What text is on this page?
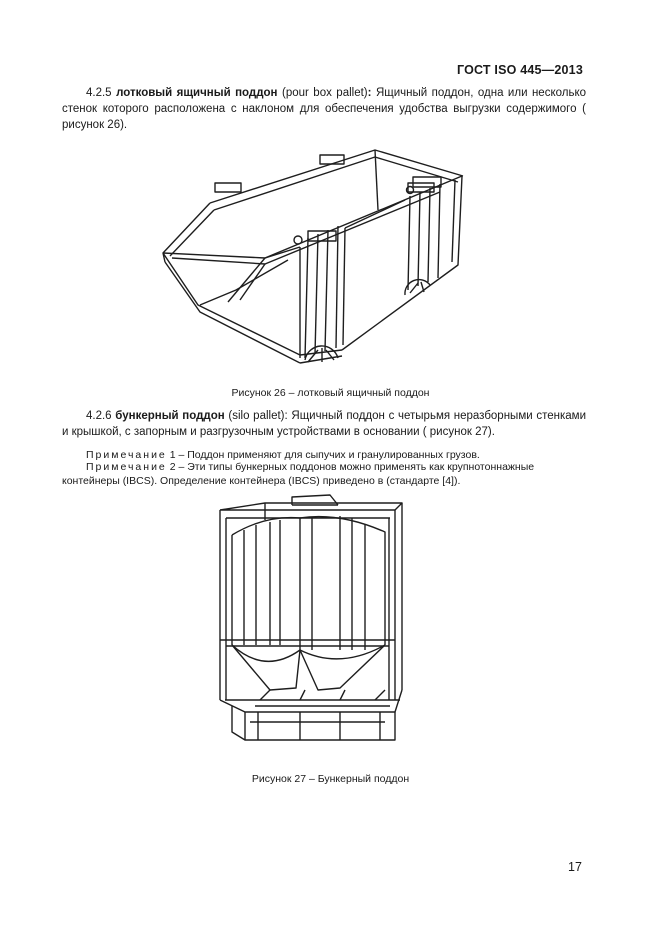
ГОСТ ISO 445—2013
4.2.5 лотковый ящичный поддон (pour box pallet): Ящичный поддон, одна или несколько стенок которого расположена с наклоном для обеспечения удобства выгрузки содержимого ( рисунок 26).
Рисунок 26 – лотковый ящичный поддон
4.2.6 бункерный поддон (silo pallet): Ящичный поддон с четырьмя неразборными стенками и крышкой, с запорным и разгрузочным устройствами в основании ( рисунок 27).
Примечание 1 – Поддон применяют для сыпучих и гранулированных грузов.
Примечание 2 – Эти типы бункерных поддонов можно применять как крупнотоннажные контейнеры (IBCS). Определение контейнера (IBCS) приведено в (стандарте [4]).
Рисунок 27 – Бункерный поддон
17
